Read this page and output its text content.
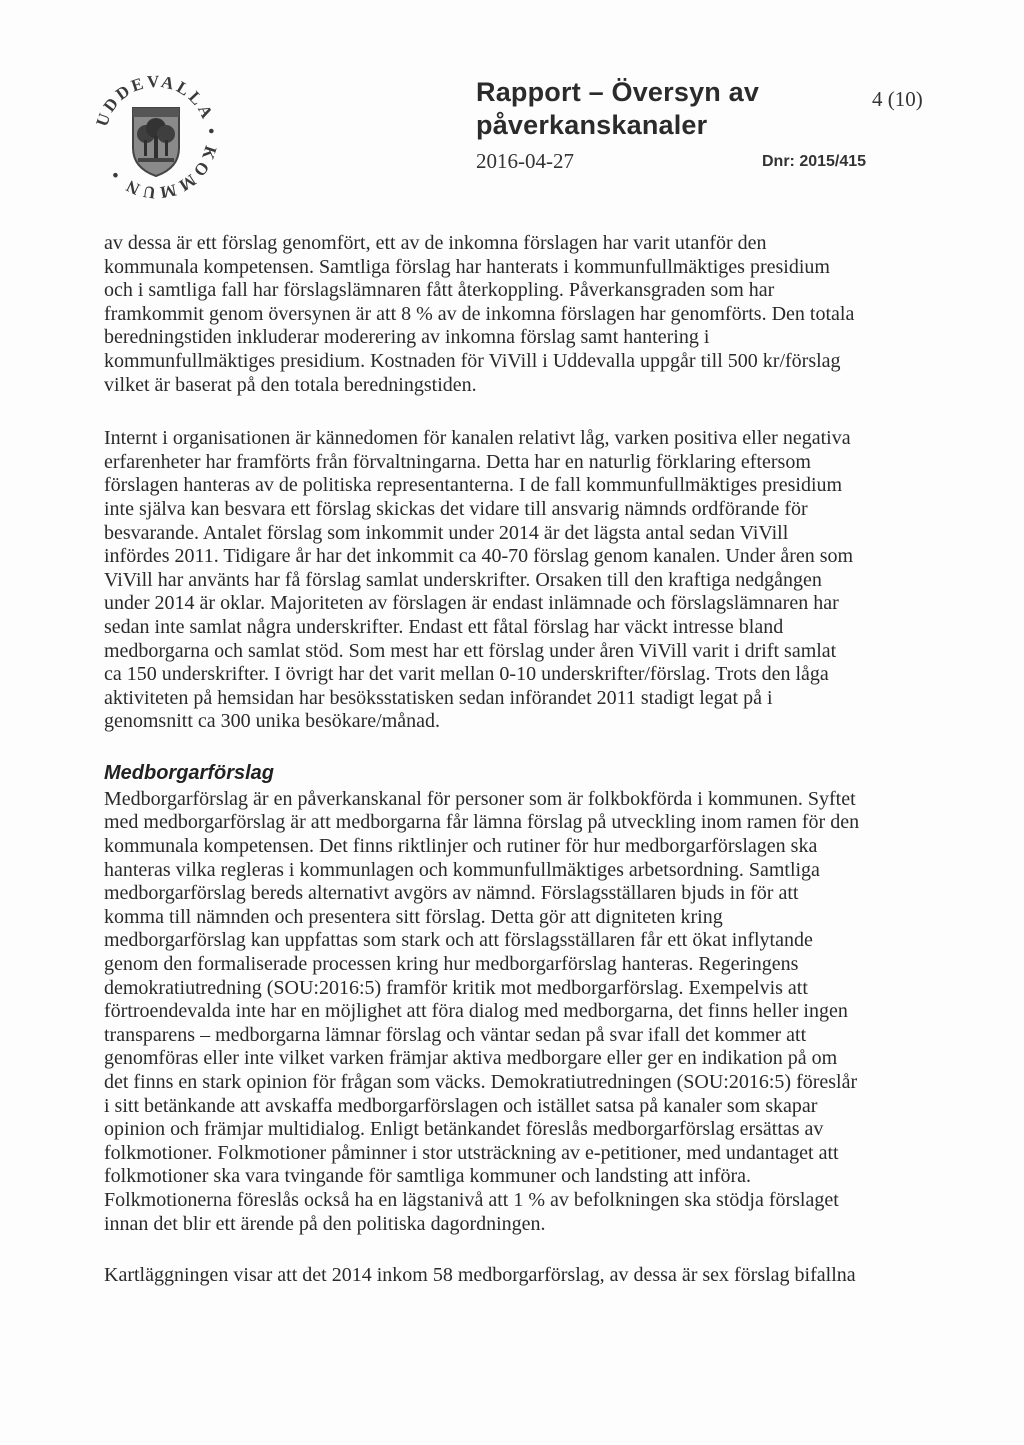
UDDEVALLA • KOMMUN •
Rapport – Översyn av
påverkanskanaler
4 (10)
2016-04-27	Dnr: 2015/415

av dessa är ett förslag genomfört, ett av de inkomna förslagen har varit utanför den
kommunala kompetensen. Samtliga förslag har hanterats i kommunfullmäktiges presidium
och i samtliga fall har förslagslämnaren fått återkoppling. Påverkansgraden som har
framkommit genom översynen är att 8 % av de inkomna förslagen har genomförts. Den totala
beredningstiden inkluderar moderering av inkomna förslag samt hantering i
kommunfullmäktiges presidium. Kostnaden för ViVill i Uddevalla uppgår till 500 kr/förslag
vilket är baserat på den totala beredningstiden.

Internt i organisationen är kännedomen för kanalen relativt låg, varken positiva eller negativa
erfarenheter har framförts från förvaltningarna. Detta har en naturlig förklaring eftersom
förslagen hanteras av de politiska representanterna. I de fall kommunfullmäktiges presidium
inte själva kan besvara ett förslag skickas det vidare till ansvarig nämnds ordförande för
besvarande. Antalet förslag som inkommit under 2014 är det lägsta antal sedan ViVill
infördes 2011. Tidigare år har det inkommit ca 40-70 förslag genom kanalen. Under åren som
ViVill har använts har få förslag samlat underskrifter. Orsaken till den kraftiga nedgången
under 2014 är oklar. Majoriteten av förslagen är endast inlämnade och förslagslämnaren har
sedan inte samlat några underskrifter. Endast ett fåtal förslag har väckt intresse bland
medborgarna och samlat stöd. Som mest har ett förslag under åren ViVill varit i drift samlat
ca 150 underskrifter. I övrigt har det varit mellan 0-10 underskrifter/förslag. Trots den låga
aktiviteten på hemsidan har besöksstatisken sedan införandet 2011 stadigt legat på i
genomsnitt ca 300 unika besökare/månad.

Medborgarförslag

Medborgarförslag är en påverkanskanal för personer som är folkbokförda i kommunen. Syftet
med medborgarförslag är att medborgarna får lämna förslag på utveckling inom ramen för den
kommunala kompetensen. Det finns riktlinjer och rutiner för hur medborgarförslagen ska
hanteras vilka regleras i kommunlagen och kommunfullmäktiges arbetsordning. Samtliga
medborgarförslag bereds alternativt avgörs av nämnd. Förslagsställaren bjuds in för att
komma till nämnden och presentera sitt förslag. Detta gör att digniteten kring
medborgarförslag kan uppfattas som stark och att förslagsställaren får ett ökat inflytande
genom den formaliserade processen kring hur medborgarförslag hanteras. Regeringens
demokratiutredning (SOU:2016:5) framför kritik mot medborgarförslag. Exempelvis att
förtroendevalda inte har en möjlighet att föra dialog med medborgarna, det finns heller ingen
transparens – medborgarna lämnar förslag och väntar sedan på svar ifall det kommer att
genomföras eller inte vilket varken främjar aktiva medborgare eller ger en indikation på om
det finns en stark opinion för frågan som väcks. Demokratiutredningen (SOU:2016:5) föreslår
i sitt betänkande att avskaffa medborgarförslagen och istället satsa på kanaler som skapar
opinion och främjar multidialog. Enligt betänkandet föreslås medborgarförslag ersättas av
folkmotioner. Folkmotioner påminner i stor utsträckning av e-petitioner, med undantaget att
folkmotioner ska vara tvingande för samtliga kommuner och landsting att införa.
Folkmotionerna föreslås också ha en lägstanivå att 1 % av befolkningen ska stödja förslaget
innan det blir ett ärende på den politiska dagordningen.

Kartläggningen visar att det 2014 inkom 58 medborgarförslag, av dessa är sex förslag bifallna
